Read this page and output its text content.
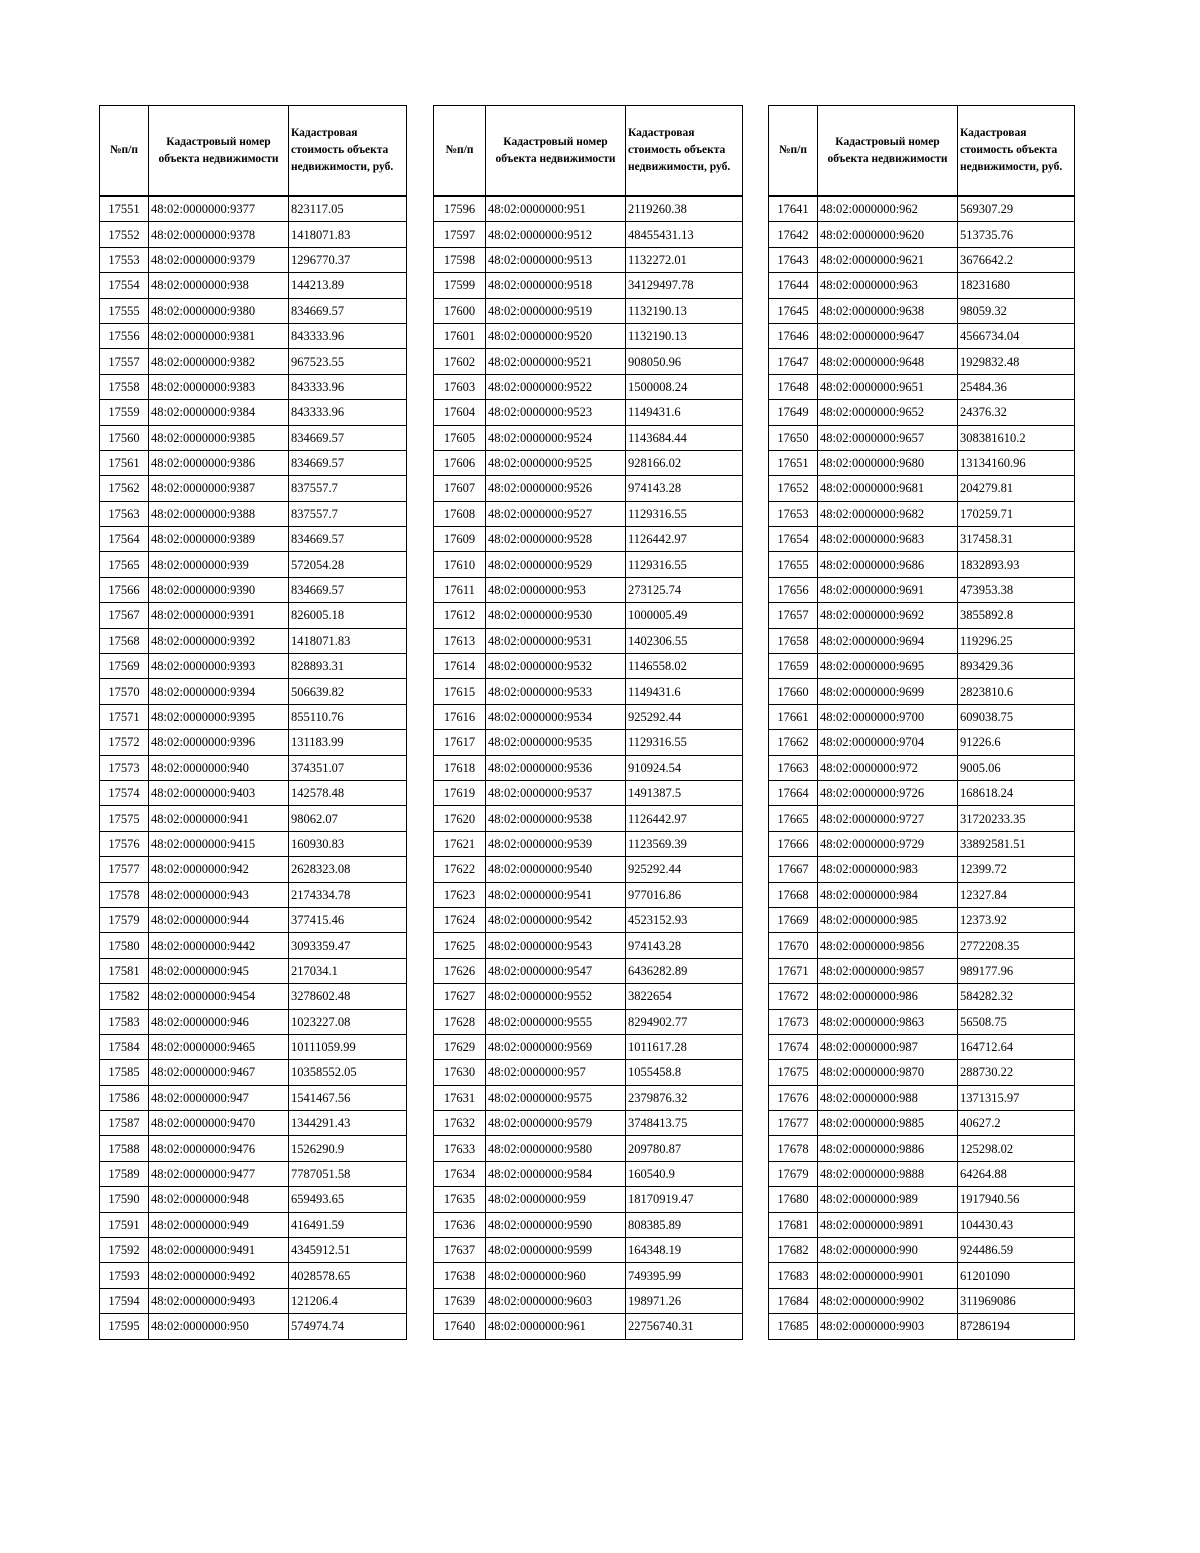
№п/п	Кадастровый номер объекта недвижимости	Кадастровая стоимость объекта недвижимости, руб.
17551	48:02:0000000:9377	823117.05
17552	48:02:0000000:9378	1418071.83
17553	48:02:0000000:9379	1296770.37
17554	48:02:0000000:938	144213.89
17555	48:02:0000000:9380	834669.57
17556	48:02:0000000:9381	843333.96
17557	48:02:0000000:9382	967523.55
17558	48:02:0000000:9383	843333.96
17559	48:02:0000000:9384	843333.96
17560	48:02:0000000:9385	834669.57
17561	48:02:0000000:9386	834669.57
17562	48:02:0000000:9387	837557.7
17563	48:02:0000000:9388	837557.7
17564	48:02:0000000:9389	834669.57
17565	48:02:0000000:939	572054.28
17566	48:02:0000000:9390	834669.57
17567	48:02:0000000:9391	826005.18
17568	48:02:0000000:9392	1418071.83
17569	48:02:0000000:9393	828893.31
17570	48:02:0000000:9394	506639.82
17571	48:02:0000000:9395	855110.76
17572	48:02:0000000:9396	131183.99
17573	48:02:0000000:940	374351.07
17574	48:02:0000000:9403	142578.48
17575	48:02:0000000:941	98062.07
17576	48:02:0000000:9415	160930.83
17577	48:02:0000000:942	2628323.08
17578	48:02:0000000:943	2174334.78
17579	48:02:0000000:944	377415.46
17580	48:02:0000000:9442	3093359.47
17581	48:02:0000000:945	217034.1
17582	48:02:0000000:9454	3278602.48
17583	48:02:0000000:946	1023227.08
17584	48:02:0000000:9465	10111059.99
17585	48:02:0000000:9467	10358552.05
17586	48:02:0000000:947	1541467.56
17587	48:02:0000000:9470	1344291.43
17588	48:02:0000000:9476	1526290.9
17589	48:02:0000000:9477	7787051.58
17590	48:02:0000000:948	659493.65
17591	48:02:0000000:949	416491.59
17592	48:02:0000000:9491	4345912.51
17593	48:02:0000000:9492	4028578.65
17594	48:02:0000000:9493	121206.4
17595	48:02:0000000:950	574974.74
№п/п	Кадастровый номер объекта недвижимости	Кадастровая стоимость объекта недвижимости, руб.
17596	48:02:0000000:951	2119260.38
17597	48:02:0000000:9512	48455431.13
17598	48:02:0000000:9513	1132272.01
17599	48:02:0000000:9518	34129497.78
17600	48:02:0000000:9519	1132190.13
17601	48:02:0000000:9520	1132190.13
17602	48:02:0000000:9521	908050.96
17603	48:02:0000000:9522	1500008.24
17604	48:02:0000000:9523	1149431.6
17605	48:02:0000000:9524	1143684.44
17606	48:02:0000000:9525	928166.02
17607	48:02:0000000:9526	974143.28
17608	48:02:0000000:9527	1129316.55
17609	48:02:0000000:9528	1126442.97
17610	48:02:0000000:9529	1129316.55
17611	48:02:0000000:953	273125.74
17612	48:02:0000000:9530	1000005.49
17613	48:02:0000000:9531	1402306.55
17614	48:02:0000000:9532	1146558.02
17615	48:02:0000000:9533	1149431.6
17616	48:02:0000000:9534	925292.44
17617	48:02:0000000:9535	1129316.55
17618	48:02:0000000:9536	910924.54
17619	48:02:0000000:9537	1491387.5
17620	48:02:0000000:9538	1126442.97
17621	48:02:0000000:9539	1123569.39
17622	48:02:0000000:9540	925292.44
17623	48:02:0000000:9541	977016.86
17624	48:02:0000000:9542	4523152.93
17625	48:02:0000000:9543	974143.28
17626	48:02:0000000:9547	6436282.89
17627	48:02:0000000:9552	3822654
17628	48:02:0000000:9555	8294902.77
17629	48:02:0000000:9569	1011617.28
17630	48:02:0000000:957	1055458.8
17631	48:02:0000000:9575	2379876.32
17632	48:02:0000000:9579	3748413.75
17633	48:02:0000000:9580	209780.87
17634	48:02:0000000:9584	160540.9
17635	48:02:0000000:959	18170919.47
17636	48:02:0000000:9590	808385.89
17637	48:02:0000000:9599	164348.19
17638	48:02:0000000:960	749395.99
17639	48:02:0000000:9603	198971.26
17640	48:02:0000000:961	22756740.31
№п/п	Кадастровый номер объекта недвижимости	Кадастровая стоимость объекта недвижимости, руб.
17641	48:02:0000000:962	569307.29
17642	48:02:0000000:9620	513735.76
17643	48:02:0000000:9621	3676642.2
17644	48:02:0000000:963	18231680
17645	48:02:0000000:9638	98059.32
17646	48:02:0000000:9647	4566734.04
17647	48:02:0000000:9648	1929832.48
17648	48:02:0000000:9651	25484.36
17649	48:02:0000000:9652	24376.32
17650	48:02:0000000:9657	308381610.2
17651	48:02:0000000:9680	13134160.96
17652	48:02:0000000:9681	204279.81
17653	48:02:0000000:9682	170259.71
17654	48:02:0000000:9683	317458.31
17655	48:02:0000000:9686	1832893.93
17656	48:02:0000000:9691	473953.38
17657	48:02:0000000:9692	3855892.8
17658	48:02:0000000:9694	119296.25
17659	48:02:0000000:9695	893429.36
17660	48:02:0000000:9699	2823810.6
17661	48:02:0000000:9700	609038.75
17662	48:02:0000000:9704	91226.6
17663	48:02:0000000:972	9005.06
17664	48:02:0000000:9726	168618.24
17665	48:02:0000000:9727	31720233.35
17666	48:02:0000000:9729	33892581.51
17667	48:02:0000000:983	12399.72
17668	48:02:0000000:984	12327.84
17669	48:02:0000000:985	12373.92
17670	48:02:0000000:9856	2772208.35
17671	48:02:0000000:9857	989177.96
17672	48:02:0000000:986	584282.32
17673	48:02:0000000:9863	56508.75
17674	48:02:0000000:987	164712.64
17675	48:02:0000000:9870	288730.22
17676	48:02:0000000:988	1371315.97
17677	48:02:0000000:9885	40627.2
17678	48:02:0000000:9886	125298.02
17679	48:02:0000000:9888	64264.88
17680	48:02:0000000:989	1917940.56
17681	48:02:0000000:9891	104430.43
17682	48:02:0000000:990	924486.59
17683	48:02:0000000:9901	61201090
17684	48:02:0000000:9902	311969086
17685	48:02:0000000:9903	87286194
